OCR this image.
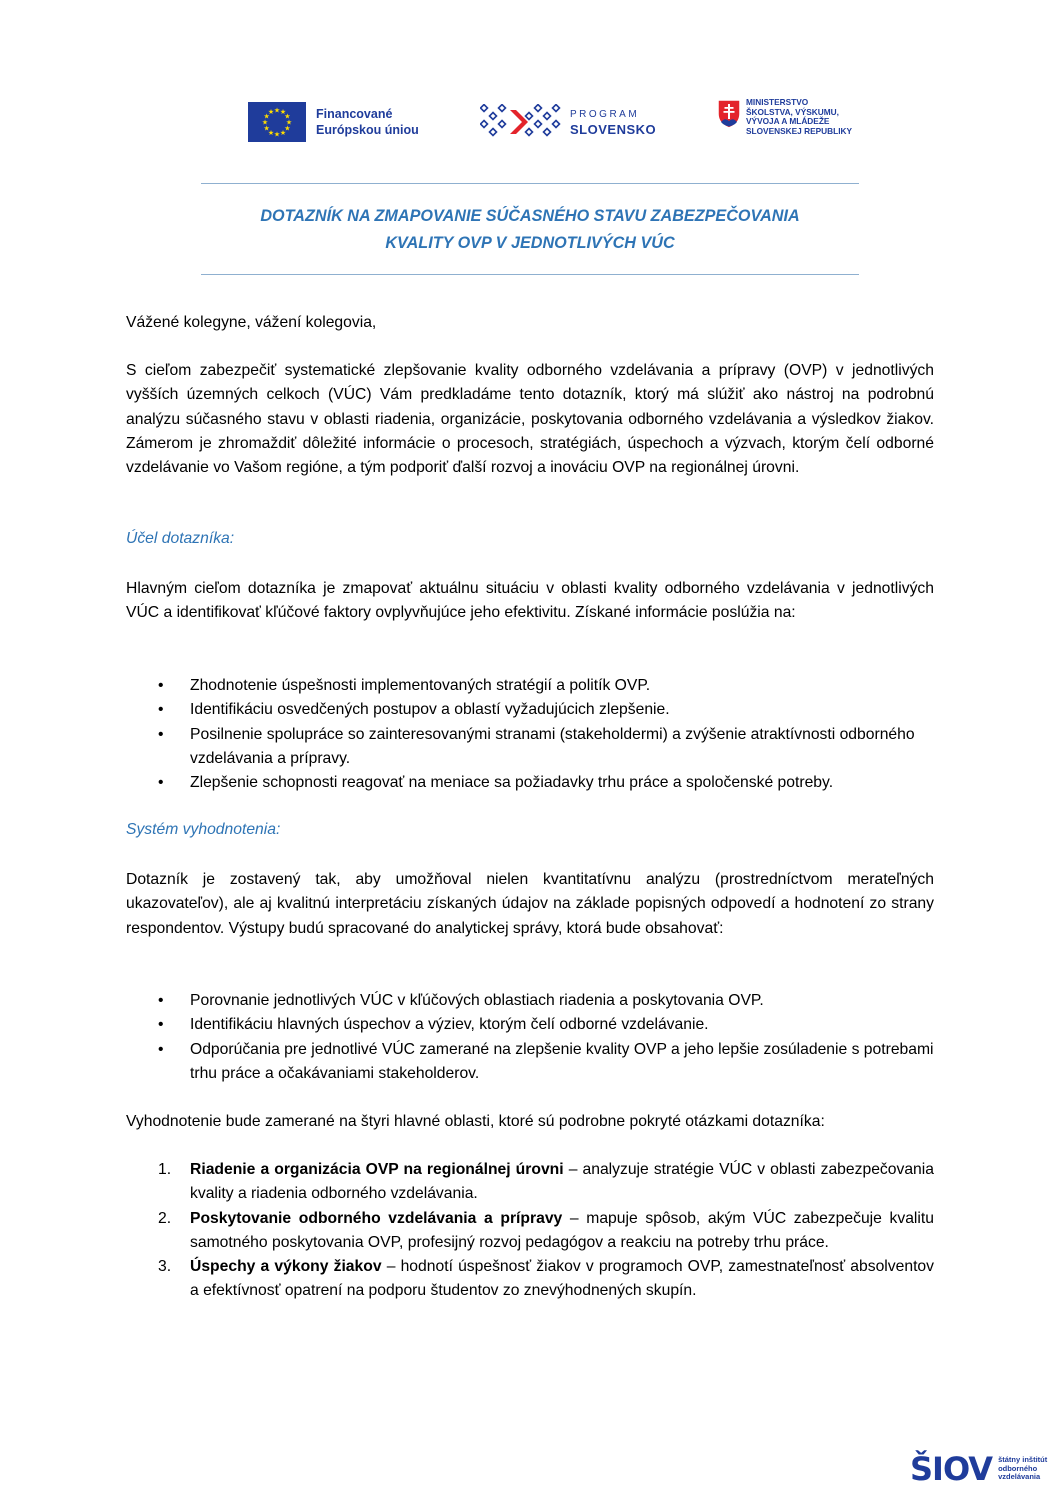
★ ★
★
★
★
★
★
★
★
★
★
★	Financované
Európskou úniou
PROGRAM
SLOVENSKO
MINISTERSTVO
ŠKOLSTVA, VÝSKUMU,
VÝVOJA A MLÁDEŽE
SLOVENSKEJ REPUBLIKY
DOTAZNÍK NA ZMAPOVANIE SÚČASNÉHO STAVU ZABEZPEČOVANIA
KVALITY OVP V JEDNOTLIVÝCH VÚC
Vážené kolegyne, vážení kolegovia,
S cieľom zabezpečiť systematické zlepšovanie kvality odborného vzdelávania a prípravy (OVP) v jednotlivých vyšších územných celkoch (VÚC) Vám predkladáme tento dotazník, ktorý má slúžiť ako nástroj na podrobnú analýzu súčasného stavu v oblasti riadenia, organizácie, poskytovania odborného vzdelávania a výsledkov žiakov. Zámerom je zhromaždiť dôležité informácie o procesoch, stratégiách, úspechoch a výzvach, ktorým čelí odborné vzdelávanie vo Vašom regióne, a tým podporiť ďalší rozvoj a inováciu OVP na regionálnej úrovni.
Účel dotazníka:
Hlavným cieľom dotazníka je zmapovať aktuálnu situáciu v oblasti kvality odborného vzdelávania v jednotlivých VÚC a identifikovať kľúčové faktory ovplyvňujúce jeho efektivitu. Získané informácie poslúžia na:
• Zhodnotenie úspešnosti implementovaných stratégií a politík OVP.
• Identifikáciu osvedčených postupov a oblastí vyžadujúcich zlepšenie.
• Posilnenie spolupráce so zainteresovanými stranami (stakeholdermi) a zvýšenie atraktívnosti odborného vzdelávania a prípravy.
• Zlepšenie schopnosti reagovať na meniace sa požiadavky trhu práce a spoločenské potreby.
Systém vyhodnotenia:
Dotazník je zostavený tak, aby umožňoval nielen kvantitatívnu analýzu (prostredníctvom merateľných ukazovateľov), ale aj kvalitnú interpretáciu získaných údajov na základe popisných odpovedí a hodnotení zo strany respondentov. Výstupy budú spracované do analytickej správy, ktorá bude obsahovať:
• Porovnanie jednotlivých VÚC v kľúčových oblastiach riadenia a poskytovania OVP.
• Identifikáciu hlavných úspechov a výziev, ktorým čelí odborné vzdelávanie.
• Odporúčania pre jednotlivé VÚC zamerané na zlepšenie kvality OVP a jeho lepšie zosúladenie s potrebami trhu práce a očakávaniami stakeholderov.
Vyhodnotenie bude zamerané na štyri hlavné oblasti, ktoré sú podrobne pokryté otázkami dotazníka:
1. Riadenie a organizácia OVP na regionálnej úrovni – analyzuje stratégie VÚC v oblasti zabezpečovania kvality a riadenia odborného vzdelávania.
2. Poskytovanie odborného vzdelávania a prípravy – mapuje spôsob, akým VÚC zabezpečuje kvalitu samotného poskytovania OVP, profesijný rozvoj pedagógov a reakciu na potreby trhu práce.
3. Úspechy a výkony žiakov – hodnotí úspešnosť žiakov v programoch OVP, zamestnateľnosť absolventov a efektívnosť opatrení na podporu študentov zo znevýhodnených skupín.
ŠIOV štátny inštitút
odborného
vzdelávania
